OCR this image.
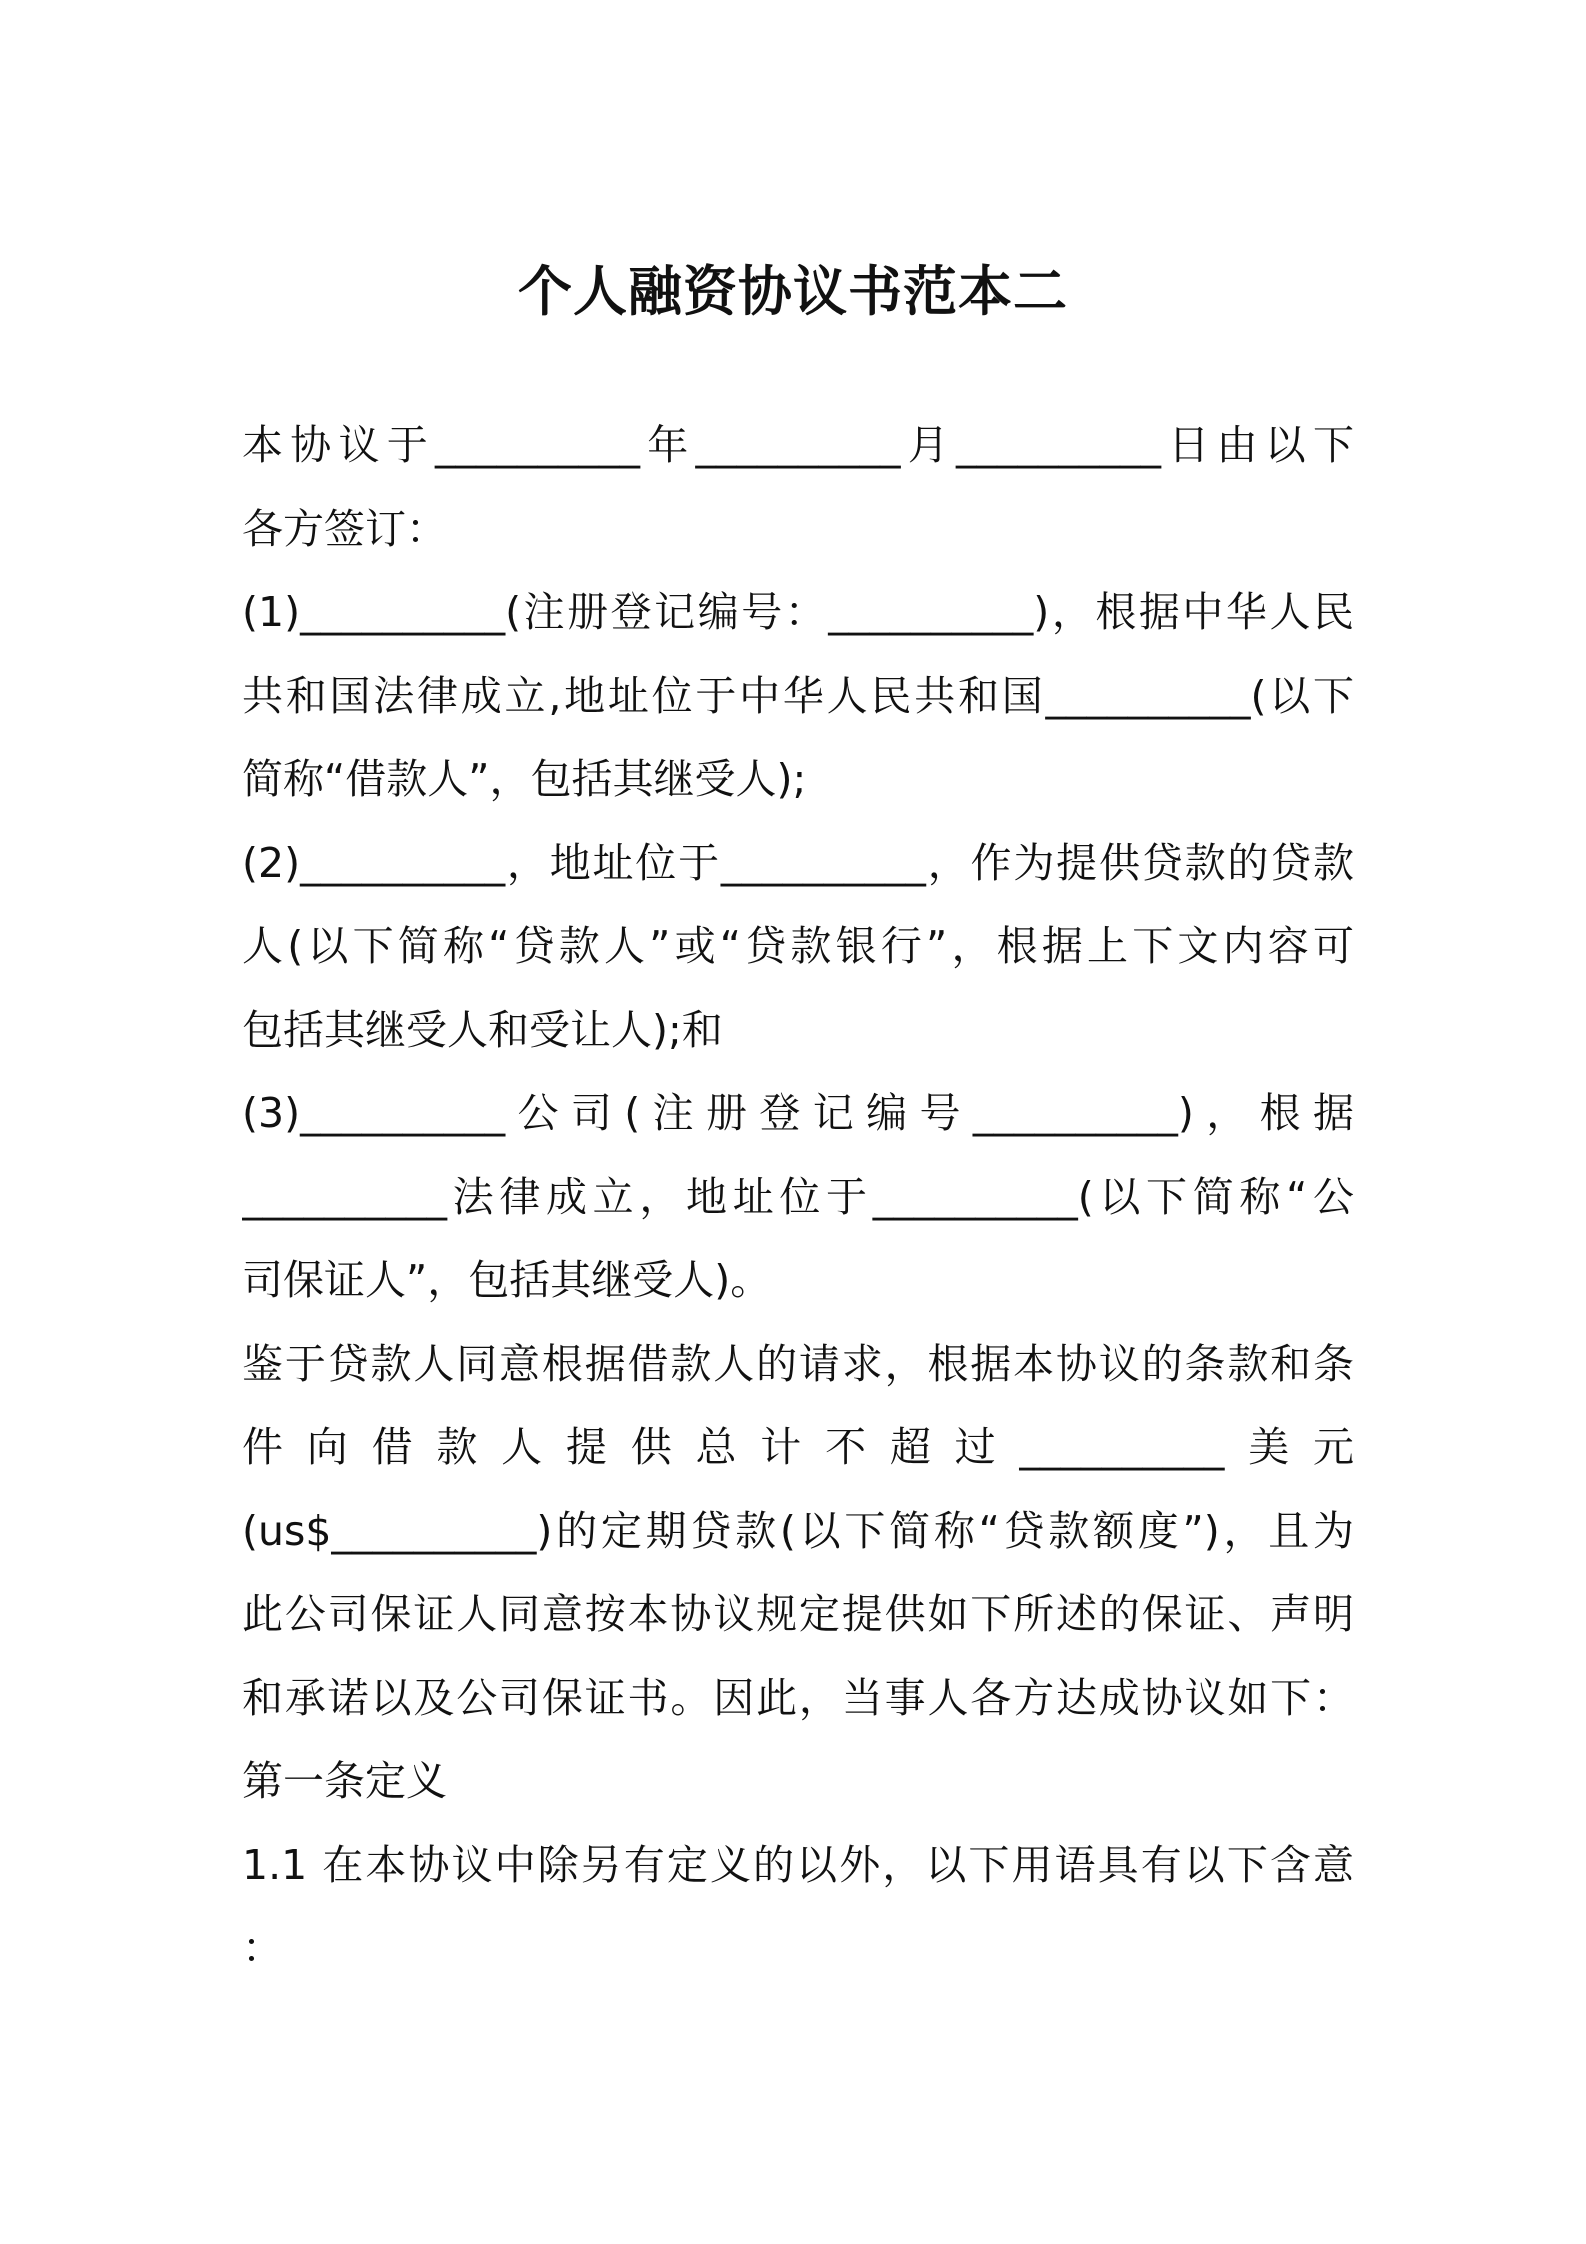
个人融资协议书范本二
本协议于__________年__________月__________日由以下
各方签订：
(1)__________(注册登记编号：__________)，根据中华人民
共和国法律成立,地址位于中华人民共和国__________(以下
简称“借款人”，包括其继受人);
(2)__________，地址位于__________，作为提供贷款的贷款
人(以下简称“贷款人”或“贷款银行”，根据上下文内容可
包括其继受人和受让人);和
(3)__________公司(注册登记编号__________)，根据
__________法律成立，地址位于__________(以下简称“公
司保证人”，包括其继受人)。
鉴于贷款人同意根据借款人的请求，根据本协议的条款和条
件向借款人提供总计不超过__________美元
(us$__________)的定期贷款(以下简称“贷款额度”)，且为
此公司保证人同意按本协议规定提供如下所述的保证、声明
和承诺以及公司保证书。因此，当事人各方达成协议如下：
第一条定义
1.1 在本协议中除另有定义的以外，以下用语具有以下含意
：
